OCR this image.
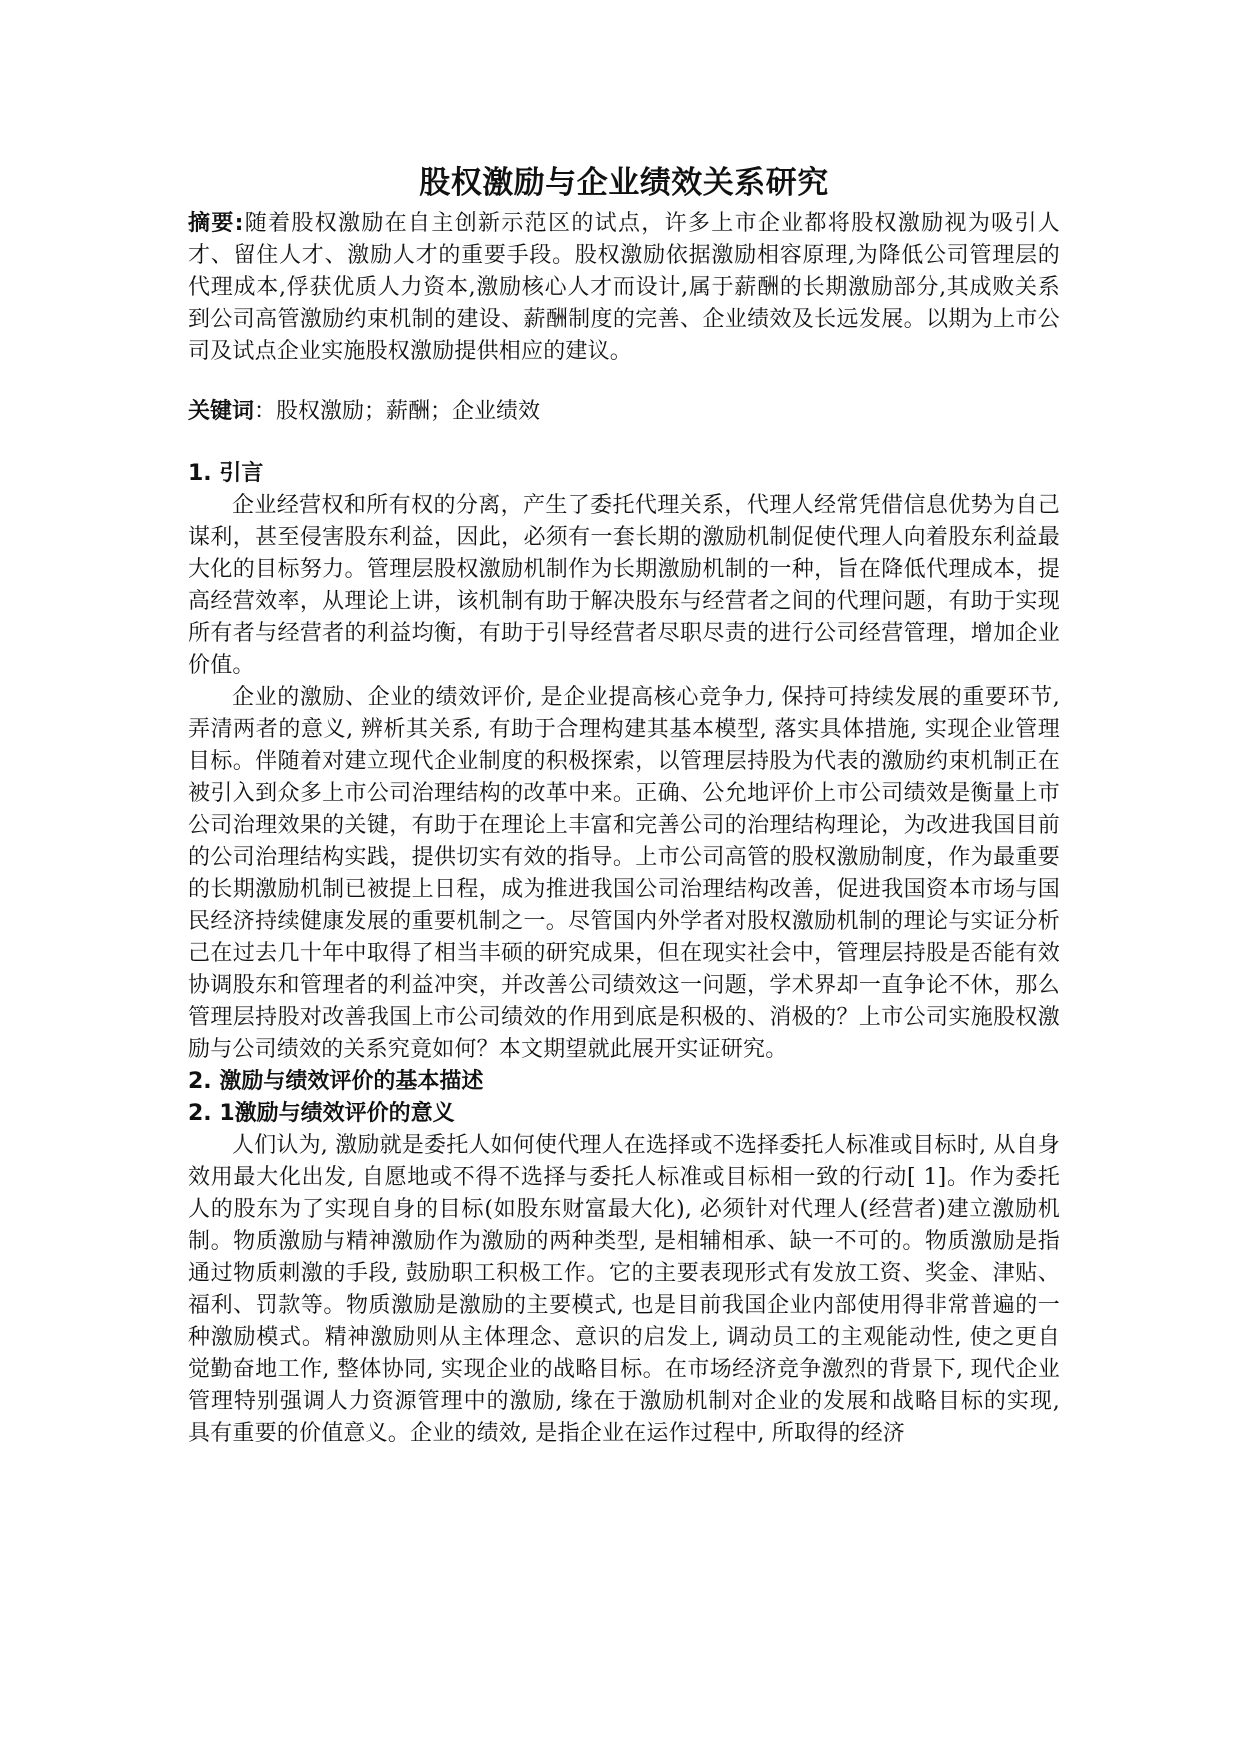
股权激励与企业绩效关系研究

摘要:随着股权激励在自主创新示范区的试点，许多上市企业都将股权激励视为吸引人才、留住人才、激励人才的重要手段。股权激励依据激励相容原理,为降低公司管理层的代理成本,俘获优质人力资本,激励核心人才而设计,属于薪酬的长期激励部分,其成败关系到公司高管激励约束机制的建设、薪酬制度的完善、企业绩效及长远发展。以期为上市公司及试点企业实施股权激励提供相应的建议。

关键词：股权激励；薪酬；企业绩效

1. 引言

企业经营权和所有权的分离，产生了委托代理关系，代理人经常凭借信息优势为自己谋利，甚至侵害股东利益，因此，必须有一套长期的激励机制促使代理人向着股东利益最大化的目标努力。管理层股权激励机制作为长期激励机制的一种，旨在降低代理成本，提高经营效率，从理论上讲，该机制有助于解决股东与经营者之间的代理问题，有助于实现所有者与经营者的利益均衡，有助于引导经营者尽职尽责的进行公司经营管理，增加企业价值。

企业的激励、企业的绩效评价, 是企业提高核心竞争力, 保持可持续发展的重要环节, 弄清两者的意义, 辨析其关系, 有助于合理构建其基本模型, 落实具体措施, 实现企业管理目标。伴随着对建立现代企业制度的积极探索，以管理层持股为代表的激励约束机制正在被引入到众多上市公司治理结构的改革中来。正确、公允地评价上市公司绩效是衡量上市公司治理效果的关键，有助于在理论上丰富和完善公司的治理结构理论，为改进我国目前的公司治理结构实践，提供切实有效的指导。上市公司高管的股权激励制度，作为最重要的长期激励机制已被提上日程，成为推进我国公司治理结构改善，促进我国资本市场与国民经济持续健康发展的重要机制之一。尽管国内外学者对股权激励机制的理论与实证分析己在过去几十年中取得了相当丰硕的研究成果，但在现实社会中，管理层持股是否能有效协调股东和管理者的利益冲突，并改善公司绩效这一问题，学术界却一直争论不休，那么管理层持股对改善我国上市公司绩效的作用到底是积极的、消极的？上市公司实施股权激励与公司绩效的关系究竟如何？本文期望就此展开实证研究。

2. 激励与绩效评价的基本描述
2. 1激励与绩效评价的意义

人们认为, 激励就是委托人如何使代理人在选择或不选择委托人标准或目标时, 从自身效用最大化出发, 自愿地或不得不选择与委托人标准或目标相一致的行动[ 1]。作为委托人的股东为了实现自身的目标(如股东财富最大化), 必须针对代理人(经营者)建立激励机制。物质激励与精神激励作为激励的两种类型, 是相辅相承、缺一不可的。物质激励是指通过物质刺激的手段, 鼓励职工积极工作。它的主要表现形式有发放工资、奖金、津贴、福利、罚款等。物质激励是激励的主要模式, 也是目前我国企业内部使用得非常普遍的一种激励模式。精神激励则从主体理念、意识的启发上, 调动员工的主观能动性, 使之更自觉勤奋地工作, 整体协同, 实现企业的战略目标。在市场经济竞争激烈的背景下, 现代企业管理特别强调人力资源管理中的激励, 缘在于激励机制对企业的发展和战略目标的实现, 具有重要的价值意义。企业的绩效, 是指企业在运作过程中, 所取得的经济
